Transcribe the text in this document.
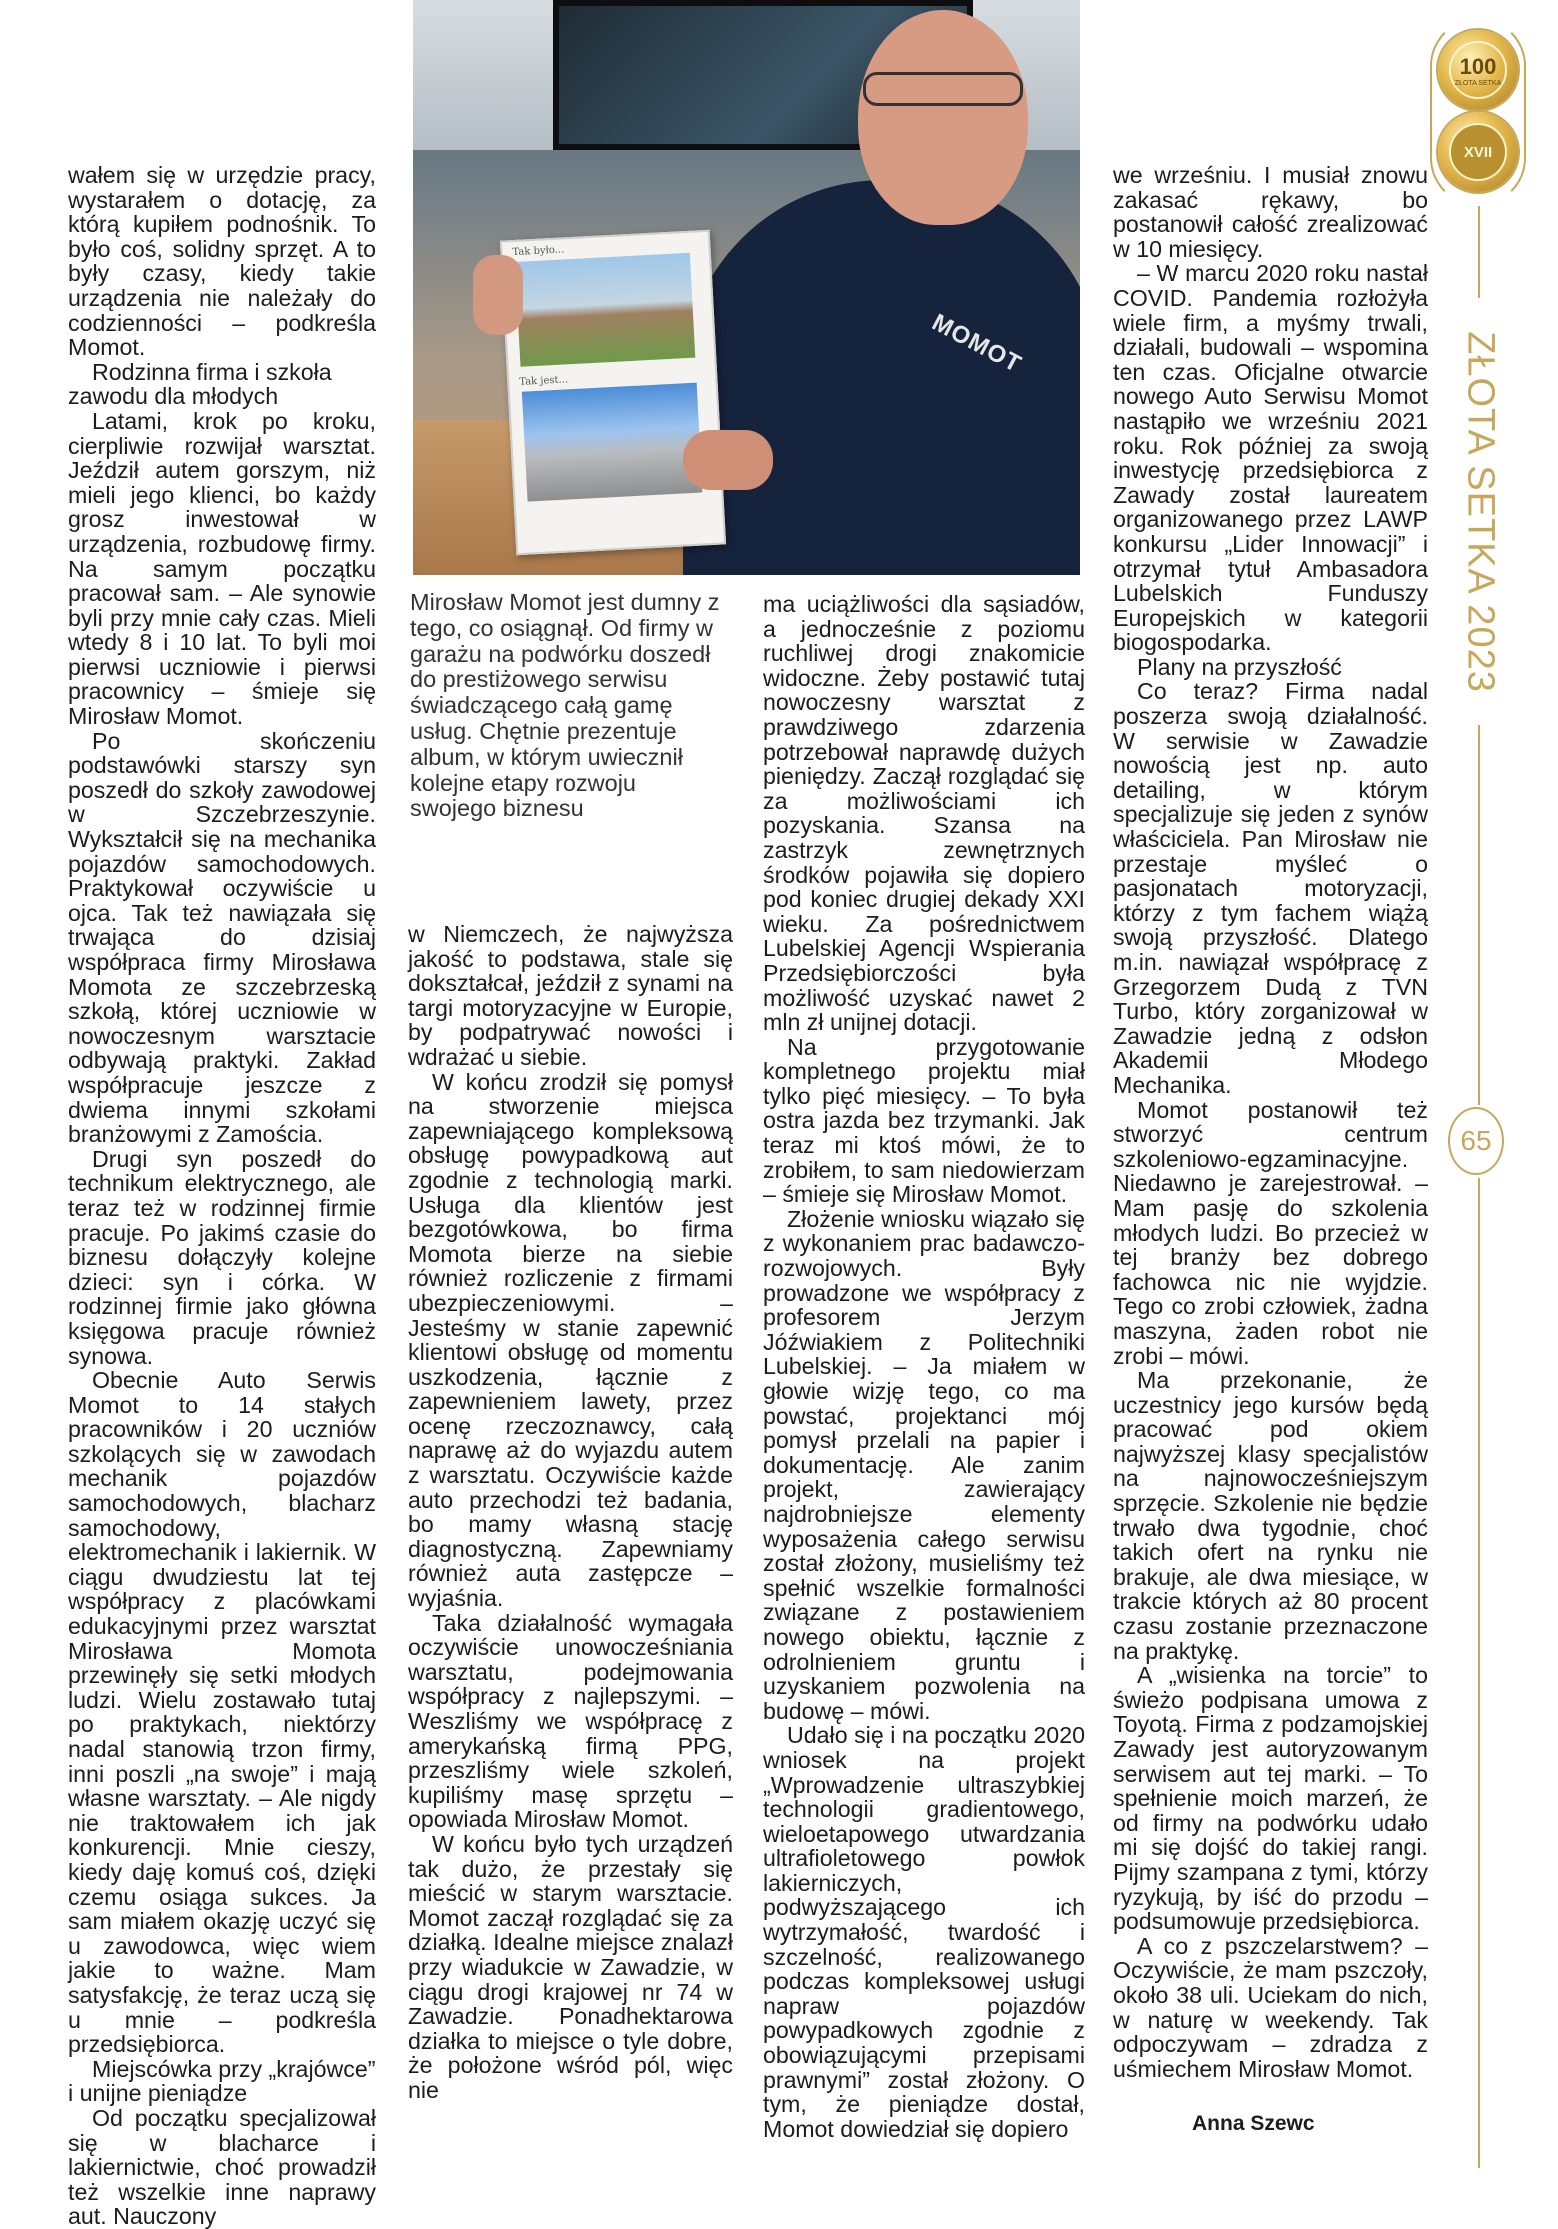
100
ZŁOTA SETKA
XVII
ZŁOTA SETKA 2023
65
MOMOT
Tak było...
Tak jest...
Mirosław Momot jest dumny z tego, co osiągnął. Od firmy w garażu na podwórku doszedł do prestiżowego serwisu świadczącego całą gamę usług. Chętnie prezentuje album, w którym uwiecznił kolejne etapy rozwoju swojego biznesu

wałem się w urzędzie pracy, wystarałem o dotację, za którą kupiłem podnośnik. To było coś, solidny sprzęt. A to były czasy, kiedy takie urządzenia nie należały do codzienności – podkreśla Momot.

Rodzinna firma i szkoła zawodu dla młodych

Latami, krok po kroku, cierpliwie rozwijał warsztat. Jeździł autem gorszym, niż mieli jego klienci, bo każdy grosz inwestował w urządzenia, rozbudowę firmy. Na samym początku pracował sam. – Ale synowie byli przy mnie cały czas. Mieli wtedy 8 i 10 lat. To byli moi pierwsi uczniowie i pierwsi pracownicy – śmieje się Mirosław Momot.

Po skończeniu podstawówki starszy syn poszedł do szkoły zawodowej w Szczebrzeszynie. Wykształcił się na mechanika pojazdów samochodowych. Praktykował oczywiście u ojca. Tak też nawiązała się trwająca do dzisiaj współpraca firmy Mirosława Momota ze szczebrzeską szkołą, której uczniowie w nowoczesnym warsztacie odbywają praktyki. Zakład współpracuje jeszcze z dwiema innymi szkołami branżowymi z Zamościa.

Drugi syn poszedł do technikum elektrycznego, ale teraz też w rodzinnej firmie pracuje. Po jakimś czasie do biznesu dołączyły kolejne dzieci: syn i córka. W rodzinnej firmie jako główna księgowa pracuje również synowa.

Obecnie Auto Serwis Momot to 14 stałych pracowników i 20 uczniów szkolących się w zawodach mechanik pojazdów samochodowych, blacharz samochodowy, elektromechanik i lakiernik. W ciągu dwudziestu lat tej współpracy z placówkami edukacyjnymi przez warsztat Mirosława Momota przewinęły się setki młodych ludzi. Wielu zostawało tutaj po praktykach, niektórzy nadal stanowią trzon firmy, inni poszli „na swoje” i mają własne warsztaty. – Ale nigdy nie traktowałem ich jak konkurencji. Mnie cieszy, kiedy daję komuś coś, dzięki czemu osiąga sukces. Ja sam miałem okazję uczyć się u zawodowca, więc wiem jakie to ważne. Mam satysfakcję, że teraz uczą się u mnie – podkreśla przedsiębiorca.

Miejscówka przy „krajówce” i unijne pieniądze

Od początku specjalizował się w blacharce i lakiernictwie, choć prowadził też wszelkie inne naprawy aut. Nauczony

w Niemczech, że najwyższa jakość to podstawa, stale się dokształcał, jeździł z synami na targi motoryzacyjne w Europie, by podpatrywać nowości i wdrażać u siebie.

W końcu zrodził się pomysł na stworzenie miejsca zapewniającego kompleksową obsługę powypadkową aut zgodnie z technologią marki. Usługa dla klientów jest bezgotówkowa, bo firma Momota bierze na siebie również rozliczenie z firmami ubezpieczeniowymi. – Jesteśmy w stanie zapewnić klientowi obsługę od momentu uszkodzenia, łącznie z zapewnieniem lawety, przez ocenę rzeczoznawcy, całą naprawę aż do wyjazdu autem z warsztatu. Oczywiście każde auto przechodzi też badania, bo mamy własną stację diagnostyczną. Zapewniamy również auta zastępcze – wyjaśnia.

Taka działalność wymagała oczywiście unowocześniania warsztatu, podejmowania współpracy z najlepszymi. – Weszliśmy we współpracę z amerykańską firmą PPG, przeszliśmy wiele szkoleń, kupiliśmy masę sprzętu – opowiada Mirosław Momot.

W końcu było tych urządzeń tak dużo, że przestały się mieścić w starym warsztacie. Momot zaczął rozglądać się za działką. Idealne miejsce znalazł przy wiadukcie w Zawadzie, w ciągu drogi krajowej nr 74 w Zawadzie. Ponadhektarowa działka to miejsce o tyle dobre, że położone wśród pól, więc nie

ma uciążliwości dla sąsiadów, a jednocześnie z poziomu ruchliwej drogi znakomicie widoczne. Żeby postawić tutaj nowoczesny warsztat z prawdziwego zdarzenia potrzebował naprawdę dużych pieniędzy. Zaczął rozglądać się za możliwościami ich pozyskania. Szansa na zastrzyk zewnętrznych środków pojawiła się dopiero pod koniec drugiej dekady XXI wieku. Za pośrednictwem Lubelskiej Agencji Wspierania Przedsiębiorczości była możliwość uzyskać nawet 2 mln zł unijnej dotacji.

Na przygotowanie kompletnego projektu miał tylko pięć miesięcy. – To była ostra jazda bez trzymanki. Jak teraz mi ktoś mówi, że to zrobiłem, to sam niedowierzam – śmieje się Mirosław Momot.

Złożenie wniosku wiązało się z wykonaniem prac badawczo-rozwojowych. Były prowadzone we współpracy z profesorem Jerzym Jóźwiakiem z Politechniki Lubelskiej. – Ja miałem w głowie wizję tego, co ma powstać, projektanci mój pomysł przelali na papier i dokumentację. Ale zanim projekt, zawierający najdrobniejsze elementy wyposażenia całego serwisu został złożony, musieliśmy też spełnić wszelkie formalności związane z postawieniem nowego obiektu, łącznie z odrolnieniem gruntu i uzyskaniem pozwolenia na budowę – mówi.

Udało się i na początku 2020 wniosek na projekt „Wprowadzenie ultraszybkiej technologii gradientowego, wieloetapowego utwardzania ultrafioletowego powłok lakierniczych, podwyższającego ich wytrzymałość, twardość i szczelność, realizowanego podczas kompleksowej usługi napraw pojazdów powypadkowych zgodnie z obowiązującymi przepisami prawnymi” został złożony. O tym, że pieniądze dostał, Momot dowiedział się dopiero

we wrześniu. I musiał znowu zakasać rękawy, bo postanowił całość zrealizować w 10 miesięcy.

– W marcu 2020 roku nastał COVID. Pandemia rozłożyła wiele firm, a myśmy trwali, działali, budowali – wspomina ten czas. Oficjalne otwarcie nowego Auto Serwisu Momot nastąpiło we wrześniu 2021 roku. Rok później za swoją inwestycję przedsiębiorca z Zawady został laureatem organizowanego przez LAWP konkursu „Lider Innowacji” i otrzymał tytuł Ambasadora Lubelskich Funduszy Europejskich w kategorii biogospodarka.

Plany na przyszłość

Co teraz? Firma nadal poszerza swoją działalność. W serwisie w Zawadzie nowością jest np. auto detailing, w którym specjalizuje się jeden z synów właściciela. Pan Mirosław nie przestaje myśleć o pasjonatach motoryzacji, którzy z tym fachem wiążą swoją przyszłość. Dlatego m.in. nawiązał współpracę z Grzegorzem Dudą z TVN Turbo, który zorganizował w Zawadzie jedną z odsłon Akademii Młodego Mechanika.

Momot postanowił też stworzyć centrum szkoleniowo-egzaminacyjne. Niedawno je zarejestrował. – Mam pasję do szkolenia młodych ludzi. Bo przecież w tej branży bez dobrego fachowca nic nie wyjdzie. Tego co zrobi człowiek, żadna maszyna, żaden robot nie zrobi – mówi.

Ma przekonanie, że uczestnicy jego kursów będą pracować pod okiem najwyższej klasy specjalistów na najnowocześniejszym sprzęcie. Szkolenie nie będzie trwało dwa tygodnie, choć takich ofert na rynku nie brakuje, ale dwa miesiące, w trakcie których aż 80 procent czasu zostanie przeznaczone na praktykę.

A „wisienka na torcie” to świeżo podpisana umowa z Toyotą. Firma z podzamojskiej Zawady jest autoryzowanym serwisem aut tej marki. – To spełnienie moich marzeń, że od firmy na podwórku udało mi się dojść do takiej rangi. Pijmy szampana z tymi, którzy ryzykują, by iść do przodu – podsumowuje przedsiębiorca.

A co z pszczelarstwem? – Oczywiście, że mam pszczoły, około 38 uli. Uciekam do nich, w naturę w weekendy. Tak odpoczywam – zdradza z uśmiechem Mirosław Momot.

Anna Szewc
